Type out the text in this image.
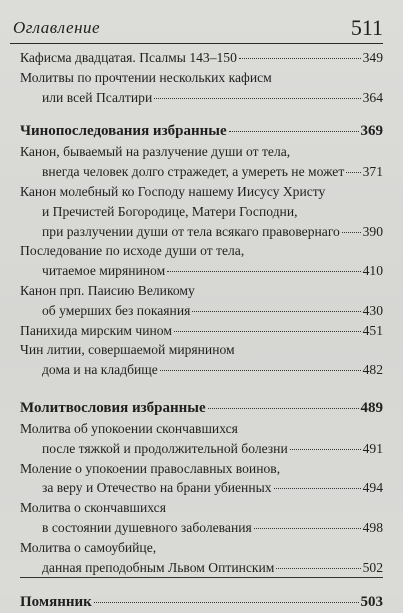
Оглавление	511
Кафисма двадцатая. Псалмы 143–150	349
Молитвы по прочтении нескольких кафисм
или всей Псалтири	364
Чинопоследования избранные	369
Канон, бываемый на разлучение души от тела,
внегда человек долго стражедет, а умереть не может 371
Канон молебный ко Господу нашему Иисусу Христу
и Пречистей Богородице, Матери Господни,
при разлучении души от тела всякаго правовернаго 390
Последование по исходе души от тела,
читаемое мирянином	410
Канон прп. Паисию Великому
об умерших без покаяния	430
Панихида мирским чином	451
Чин литии, совершаемой мирянином
дома и на кладбище	482
Молитвословия избранные	489
Молитва об упокоении скончавшихся
после тяжкой и продолжительной болезни	491
Моление о упокоении православных воинов,
за веру и Отечество на брани убиенных	494
Молитва о скончавшихся
в состоянии душевного заболевания	498
Молитва о самоубийце,
данная преподобным Львом Оптинским	502
Помянник	503
